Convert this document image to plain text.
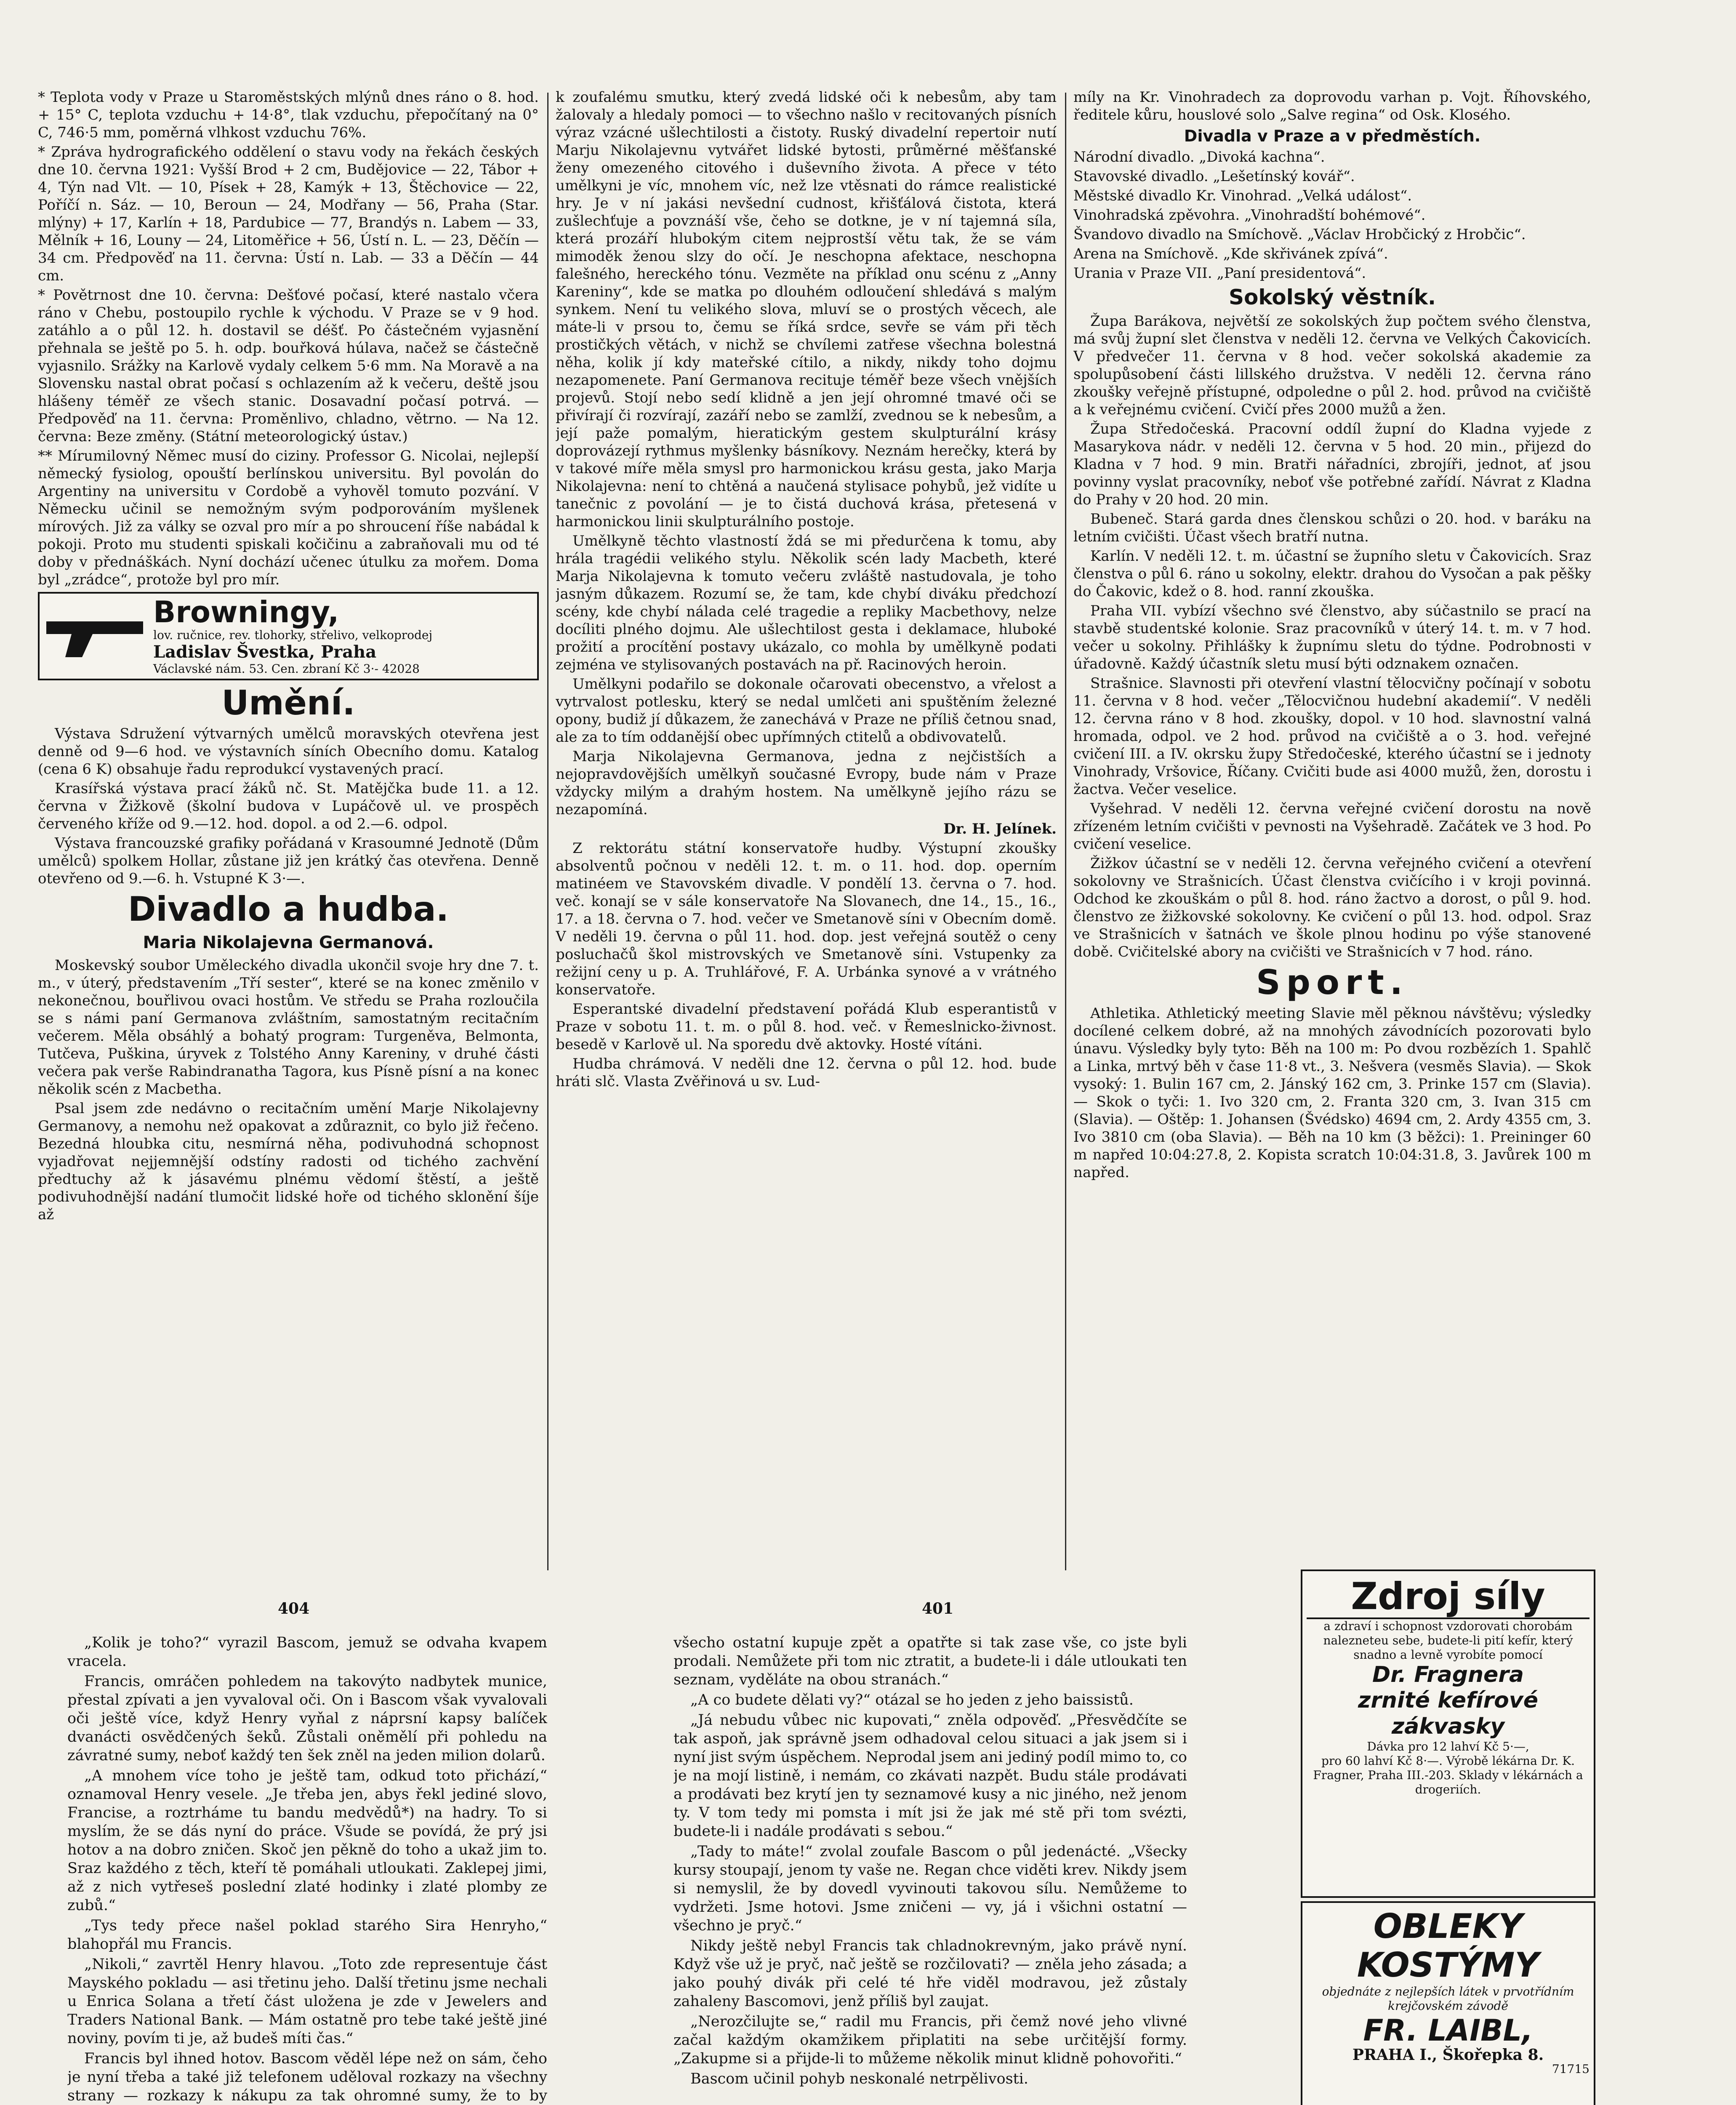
* Teplota vody v Praze u Staroměstských mlýnů dnes ráno o 8. hod. + 15° C, teplota vzduchu + 14·8°, tlak vzduchu, přepočítaný na 0° C, 746·5 mm, poměrná vlhkost vzduchu 76%.

* Zpráva hydrografického oddělení o stavu vody na řekách českých dne 10. června 1921: Vyšší Brod + 2 cm, Budějovice — 22, Tábor + 4, Týn nad Vlt. — 10, Písek + 28, Kamýk + 13, Štěchovice — 22, Poříčí n. Sáz. — 10, Beroun — 24, Modřany — 56, Praha (Star. mlýny) + 17, Karlín + 18, Pardubice — 77, Brandýs n. Labem — 33, Mělník + 16, Louny — 24, Litoměřice + 56, Ústí n. L. — 23, Děčín — 34 cm. Předpověď na 11. června: Ústí n. Lab. — 33 a Děčín — 44 cm.

* Povětrnost dne 10. června: Dešťové počasí, které nastalo včera ráno v Chebu, postoupilo rychle k východu. V Praze se v 9 hod. zatáhlo a o půl 12. h. dostavil se déšť. Po částečném vyjasnění přehnala se ještě po 5. h. odp. bouřková húlava, načež se částečně vyjasnilo. Srážky na Karlově vydaly celkem 5·6 mm. Na Moravě a na Slovensku nastal obrat počasí s ochlazením až k večeru, deště jsou hlášeny téměř ze všech stanic. Dosavadní počasí potrvá. — Předpověď na 11. června: Proměnlivo, chladno, větrno. — Na 12. června: Beze změny. (Státní meteorologický ústav.)

** Mírumilovný Němec musí do ciziny. Professor G. Nicolai, nejlepší německý fysiolog, opouští berlínskou universitu. Byl povolán do Argentiny na universitu v Cordobě a vyhověl tomuto pozvání. V Německu učinil se nemožným svým podporováním myšlenek mírových. Již za války se ozval pro mír a po shroucení říše nabádal k pokoji. Proto mu studenti spiskali kočičinu a zabraňovali mu od té doby v přednáškách. Nyní dochází učenec útulku za mořem. Doma byl „zrádce“, protože byl pro mír.

Browningy,
lov. ručnice, rev. tlohorky, střelivo, velkoprodej
Ladislav Švestka, Praha
Václavské nám. 53. Cen. zbraní Kč 3·- 42028
Umění.

Výstava Sdružení výtvarných umělců moravských otevřena jest denně od 9—6 hod. ve výstavních síních Obecního domu. Katalog (cena 6 K) obsahuje řadu reprodukcí vystavených prací.

Krasířská výstava prací žáků nč. St. Matějčka bude 11. a 12. června v Žižkově (školní budova v Lupáčově ul. ve prospěch červeného kříže od 9.—12. hod. dopol. a od 2.—6. odpol.

Výstava francouzské grafiky pořádaná v Krasoumné Jednotě (Dům umělců) spolkem Hollar, zůstane již jen krátký čas otevřena. Denně otevřeno od 9.—6. h. Vstupné K 3·—.

Divadlo a hudba.
Maria Nikolajevna Germanová.

Moskevský soubor Uměleckého divadla ukončil svoje hry dne 7. t. m., v úterý, představením „Tří sester“, které se na konec změnilo v nekonečnou, bouřlivou ovaci hostům. Ve středu se Praha rozloučila se s námi paní Germanova zvláštním, samostatným recitačním večerem. Měla obsáhlý a bohatý program: Turgeněva, Belmonta, Tutčeva, Puškina, úryvek z Tolstého Anny Kareniny, v druhé části večera pak verše Rabindranatha Tagora, kus Písně písní a na konec několik scén z Macbetha.

Psal jsem zde nedávno o recitačním umění Marje Nikolajevny Germanovy, a nemohu než opakovat a zdůraznit, co bylo již řečeno. Bezedná hloubka citu, nesmírná něha, podivuhodná schopnost vyjadřovat nejjemnější odstíny radosti od tichého zachvění předtuchy až k jásavému plnému vědomí štěstí, a ještě podivuhodnější nadání tlumočit lidské hoře od tichého sklonění šíje až

k zoufalému smutku, který zvedá lidské oči k nebesům, aby tam žalovaly a hledaly pomoci — to všechno našlo v recitovaných písních výraz vzácné ušlechtilosti a čistoty. Ruský divadelní repertoir nutí Marju Nikolajevnu vytvářet lidské bytosti, průměrné měšťanské ženy omezeného citového i duševního života. A přece v této umělkyni je víc, mnohem víc, než lze vtěsnati do rámce realistické hry. Je v ní jakási nevšední cudnost, křišťálová čistota, která zušlechťuje a povznáší vše, čeho se dotkne, je v ní tajemná síla, která prozáří hlubokým citem nejprostší větu tak, že se vám mimoděk ženou slzy do očí. Je neschopna afektace, neschopna falešného, hereckého tónu. Vezměte na příklad onu scénu z „Anny Kareniny“, kde se matka po dlouhém odloučení shledává s malým synkem. Není tu velikého slova, mluví se o prostých věcech, ale máte-li v prsou to, čemu se říká srdce, sevře se vám při těch prostičkých větách, v nichž se chvílemi zatřese všechna bolestná něha, kolik jí kdy mateřské cítilo, a nikdy, nikdy toho dojmu nezapomenete. Paní Germanova recituje téměř beze všech vnějších projevů. Stojí nebo sedí klidně a jen její ohromné tmavé oči se přivírají či rozvírají, zazáří nebo se zamlží, zvednou se k nebesům, a její paže pomalým, hieratickým gestem skulpturální krásy doprovázejí rythmus myšlenky básníkovy. Neznám herečky, která by v takové míře měla smysl pro harmonickou krásu gesta, jako Marja Nikolajevna: není to chtěná a naučená stylisace pohybů, jež vidíte u tanečnic z povolání — je to čistá duchová krása, přetesená v harmonickou linii skulpturálního postoje.

Umělkyně těchto vlastností ždá se mi předurčena k tomu, aby hrála tragédii velikého stylu. Několik scén lady Macbeth, které Marja Nikolajevna k tomuto večeru zvláště nastudovala, je toho jasným důkazem. Rozumí se, že tam, kde chybí diváku předchozí scény, kde chybí nálada celé tragedie a repliky Macbethovy, nelze docíliti plného dojmu. Ale ušlechtilost gesta i deklamace, hluboké prožití a procítění postavy ukázalo, co mohla by umělkyně podati zejména ve stylisovaných postavách na př. Racinových heroin.

Umělkyni podařilo se dokonale očarovati obecenstvo, a vřelost a vytrvalost potlesku, který se nedal umlčeti ani spuštěním železné opony, budiž jí důkazem, že zanechává v Praze ne příliš četnou snad, ale za to tím oddanější obec upřímných ctitelů a obdivovatelů.

Marja Nikolajevna Germanova, jedna z nejčistších a nejopravdovějších umělkyň současné Evropy, bude nám v Praze vždycky milým a drahým hostem. Na umělkyně jejího rázu se nezapomíná.

Dr. H. Jelínek.

Z rektorátu státní konservatoře hudby. Výstupní zkoušky absolventů počnou v neděli 12. t. m. o 11. hod. dop. operním matinéem ve Stavovském divadle. V pondělí 13. června o 7. hod. več. konají se v sále konservatoře Na Slovanech, dne 14., 15., 16., 17. a 18. června o 7. hod. večer ve Smetanově síni v Obecním domě. V neděli 19. června o půl 11. hod. dop. jest veřejná soutěž o ceny posluchačů škol mistrovských ve Smetanově síni. Vstupenky za režijní ceny u p. A. Truhlářové, F. A. Urbánka synové a v vrátného konservatoře.

Esperantské divadelní představení pořádá Klub esperantistů v Praze v sobotu 11. t. m. o půl 8. hod. več. v Řemeslnicko-živnost. besedě v Karlově ul. Na sporedu dvě aktovky. Hosté vítáni.

Hudba chrámová. V neděli dne 12. června o půl 12. hod. bude hráti slč. Vlasta Zvěřinová u sv. Lud-

míly na Kr. Vinohradech za doprovodu varhan p. Vojt. Říhovského, ředitele kůru, houslové solo „Salve regina“ od Osk. Klosého.

Divadla v Praze a v předměstích.

Národní divadlo. „Divoká kachna“.

Stavovské divadlo. „Lešetínský kovář“.

Městské divadlo Kr. Vinohrad. „Velká událost“.

Vinohradská zpěvohra. „Vinohradští bohémové“.

Švandovo divadlo na Smíchově. „Václav Hrobčický z Hrobčic“.

Arena na Smíchově. „Kde skřivánek zpívá“.

Urania v Praze VII. „Paní presidentová“.

Sokolský věstník.

Župa Barákova, největší ze sokolských žup počtem svého členstva, má svůj župní slet členstva v neděli 12. června ve Velkých Čakovicích. V předvečer 11. června v 8 hod. večer sokolská akademie za spolupůsobení části lillského družstva. V neděli 12. června ráno zkoušky veřejně přístupné, odpoledne o půl 2. hod. průvod na cvičiště a k veřejnému cvičení. Cvičí přes 2000 mužů a žen.

Župa Středočeská. Pracovní oddíl župní do Kladna vyjede z Masarykova nádr. v neděli 12. června v 5 hod. 20 min., přijezd do Kladna v 7 hod. 9 min. Bratři nářadníci, zbrojíři, jednot, ať jsou povinny vyslat pracovníky, neboť vše potřebné zařídí. Návrat z Kladna do Prahy v 20 hod. 20 min.

Bubeneč. Stará garda dnes členskou schůzi o 20. hod. v baráku na letním cvičišti. Účast všech bratří nutna.

Karlín. V neděli 12. t. m. účastní se župního sletu v Čakovicích. Sraz členstva o půl 6. ráno u sokolny, elektr. drahou do Vysočan a pak pěšky do Čakovic, kdež o 8. hod. ranní zkouška.

Praha VII. vybízí všechno své členstvo, aby súčastnilo se prací na stavbě studentské kolonie. Sraz pracovníků v úterý 14. t. m. v 7 hod. večer u sokolny. Přihlášky k župnímu sletu do týdne. Podrobnosti v úřadovně. Každý účastník sletu musí býti odznakem označen.

Strašnice. Slavnosti při otevření vlastní tělocvičny počínají v sobotu 11. června v 8 hod. večer „Tělocvičnou hudební akademií“. V neděli 12. června ráno v 8 hod. zkoušky, dopol. v 10 hod. slavnostní valná hromada, odpol. ve 2 hod. průvod na cvičiště a o 3. hod. veřejné cvičení III. a IV. okrsku župy Středočeské, kterého účastní se i jednoty Vinohrady, Vršovice, Říčany. Cvičiti bude asi 4000 mužů, žen, dorostu i žactva. Večer veselice.

Vyšehrad. V neděli 12. června veřejné cvičení dorostu na nově zřízeném letním cvičišti v pevnosti na Vyšehradě. Začátek ve 3 hod. Po cvičení veselice.

Žižkov účastní se v neděli 12. června veřejného cvičení a otevření sokolovny ve Strašnicích. Účast členstva cvičícího i v kroji povinná. Odchod ke zkouškám o půl 8. hod. ráno žactvo a dorost, o půl 9. hod. členstvo ze žižkovské sokolovny. Ke cvičení o půl 13. hod. odpol. Sraz ve Strašnicích v šatnách ve škole plnou hodinu po výše stanovené době. Cvičitelské abory na cvičišti ve Strašnicích v 7 hod. ráno.

Sport.

Athletika. Athletický meeting Slavie měl pěknou návštěvu; výsledky docílené celkem dobré, až na mnohých závodnících pozorovati bylo únavu. Výsledky byly tyto: Běh na 100 m: Po dvou rozbězích 1. Spahlč a Linka, mrtvý běh v čase 11·8 vt., 3. Nešvera (vesměs Slavia). — Skok vysoký: 1. Bulin 167 cm, 2. Jánský 162 cm, 3. Prinke 157 cm (Slavia). — Skok o tyči: 1. Ivo 320 cm, 2. Franta 320 cm, 3. Ivan 315 cm (Slavia). — Oštěp: 1. Johansen (Švédsko) 4694 cm, 2. Ardy 4355 cm, 3. Ivo 3810 cm (oba Slavia). — Běh na 10 km (3 běžci): 1. Preininger 60 m napřed 10:04:27.8, 2. Kopista scratch 10:04:31.8, 3. Javůrek 100 m napřed.

404	401

„Kolik je toho?“ vyrazil Bascom, jemuž se odvaha kvapem vracela.

Francis, omráčen pohledem na takovýto nadbytek munice, přestal zpívati a jen vyvaloval oči. On i Bascom však vyvalovali oči ještě více, když Henry vyňal z náprsní kapsy balíček dvanácti osvědčených šeků. Zůstali oněmělí při pohledu na závratné sumy, neboť každý ten šek zněl na jeden milion dolarů.

„A mnohem více toho je ještě tam, odkud toto přichází,“ oznamoval Henry vesele. „Je třeba jen, abys řekl jediné slovo, Francise, a roztrháme tu bandu medvědů*) na hadry. To si myslím, že se dás nyní do práce. Všude se povídá, že prý jsi hotov a na dobro zničen. Skoč jen pěkně do toho a ukaž jim to. Sraz každého z těch, kteří tě pomáhali utloukati. Zaklepej jimi, až z nich vytřeseš poslední zlaté hodinky i zlaté plomby ze zubů.“

„Tys tedy přece našel poklad starého Sira Henryho,“ blahopřál mu Francis.

„Nikoli,“ zavrtěl Henry hlavou. „Toto zde representuje část Mayského pokladu — asi třetinu jeho. Další třetinu jsme nechali u Enrica Solana a třetí část uložena je zde v Jewelers and Traders National Bank. — Mám ostatně pro tebe také ještě jiné noviny, povím ti je, až budeš míti čas.“

Francis byl ihned hotov. Bascom věděl lépe než on sám, čeho je nyní třeba a také již telefonem uděloval rozkazy na všechny strany — rozkazy k nákupu za tak ohromné sumy, že to by

všecho ostatní kupuje zpět a opatřte si tak zase vše, co jste byli prodali. Nemůžete při tom nic ztratit, a budete-li i dále utloukati ten seznam, vyděláte na obou stranách.“

„A co budete dělati vy?“ otázal se ho jeden z jeho baissistů.

„Já nebudu vůbec nic kupovati,“ zněla odpověď. „Přesvědčíte se tak aspoň, jak správně jsem odhadoval celou situaci a jak jsem si i nyní jist svým úspěchem. Neprodal jsem ani jediný podíl mimo to, co je na mojí listině, i nemám, co zkávati nazpět. Budu stále prodávati a prodávati bez krytí jen ty seznamové kusy a nic jiného, než jenom ty. V tom tedy mi pomsta i mít jsi že jak mé stě při tom svézti, budete-li i nadále prodávati s sebou.“

„Tady to máte!“ zvolal zoufale Bascom o půl jedenácté. „Všecky kursy stoupají, jenom ty vaše ne. Regan chce viděti krev. Nikdy jsem si nemyslil, že by dovedl vyvinouti takovou sílu. Nemůžeme to vydržeti. Jsme hotovi. Jsme zničeni — vy, já i všichni ostatní — všechno je pryč.“

Nikdy ještě nebyl Francis tak chladnokrevným, jako právě nyní. Když vše už je pryč, nač ještě se rozčilovati? — zněla jeho zásada; a jako pouhý divák při celé té hře viděl modravou, jež zůstaly zahaleny Bascomovi, jenž příliš byl zaujat.

„Nerozčilujte se,“ radil mu Francis, při čemž nové jeho vlivné začal každým okamžikem připlatiti na sebe určitější formy. „Zakupme si a přijde-li to můžeme několik minut klidně pohovořiti.“

Bascom učinil pohyb neskonalé netrpělivosti.

Zdroj síly
a zdraví i schopnost vzdorovati chorobám nalezneteu sebe, budete-li pití kefír, který snadno a levně vyrobíte pomocí
Dr. Fragnera
zrnité kefírové zákvasky
Dávka pro 12 lahví Kč 5·—,
pro 60 lahví Kč 8·—. Výrobě lékárna Dr. K. Fragner, Praha III.-203. Sklady v lékárnách a drogeriích.
OBLEKY
KOSTÝMY
objednáte z nejlepších látek v prvotřídním krejčovském závodě
FR. LAIBL,
PRAHA I., Škořepka 8.
71715
